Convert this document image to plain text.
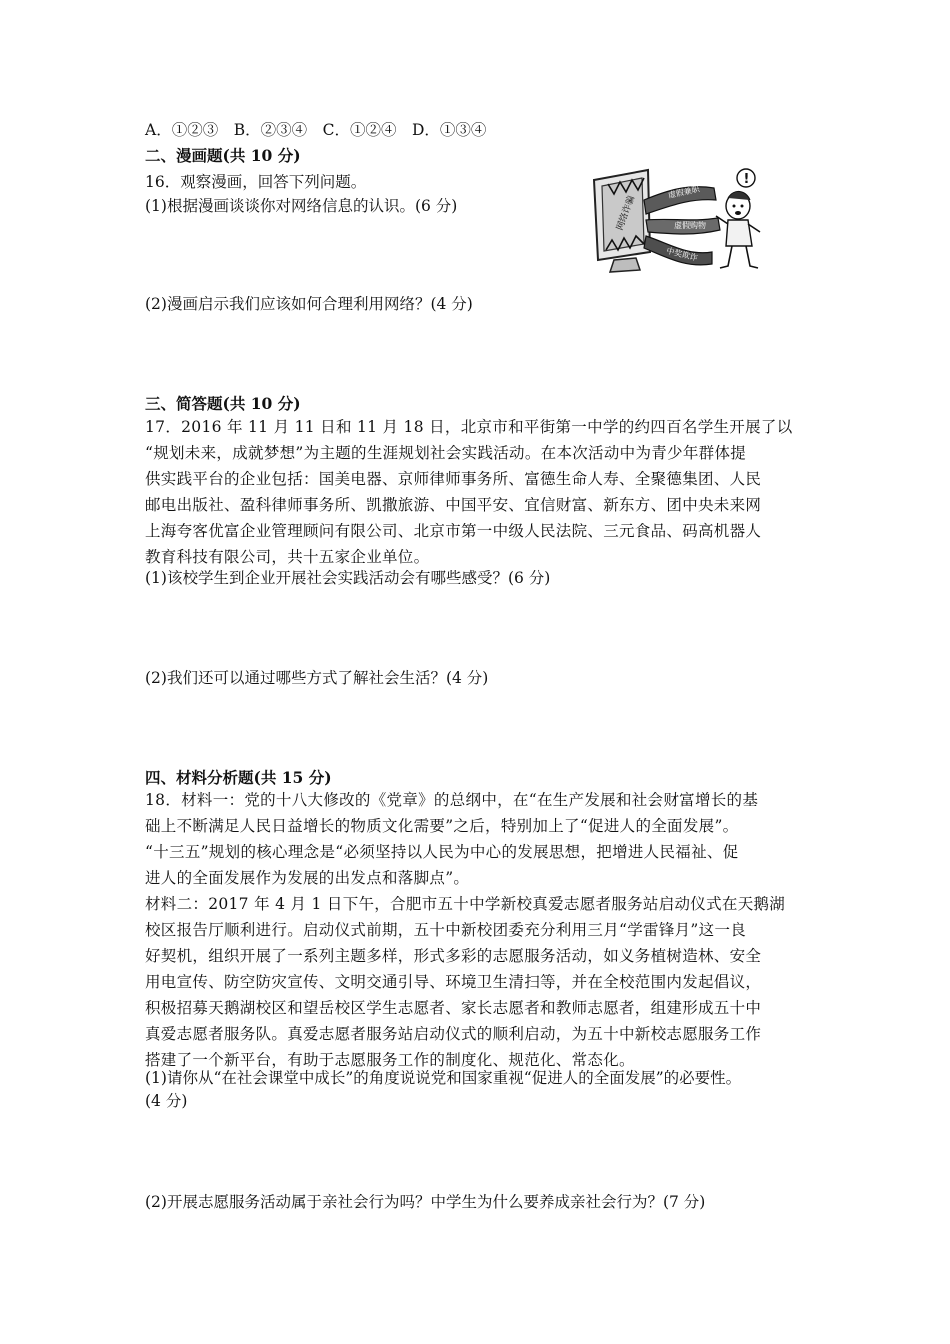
A．①②③　B．②③④　C．①②④　D．①③④
二、漫画题(共 10 分)
16．观察漫画，回答下列问题。
(1)根据漫画谈谈你对网络信息的认识。(6 分)	网络诈骗
虚假兼职
虚假购物
中奖欺诈
!
(2)漫画启示我们应该如何合理利用网络？(4 分)
三、简答题(共 10 分)

17．2016 年 11 月 11 日和 11 月 18 日，北京市和平街第一中学的约四百名学生开展了以

“规划未来，成就梦想”为主题的生涯规划社会实践活动。在本次活动中为青少年群体提

供实践平台的企业包括：国美电器、京师律师事务所、富德生命人寿、全聚德集团、人民

邮电出版社、盈科律师事务所、凯撒旅游、中国平安、宜信财富、新东方、团中央未来网

上海夸客优富企业管理顾问有限公司、北京市第一中级人民法院、三元食品、码高机器人

教育科技有限公司，共十五家企业单位。

(1)该校学生到企业开展社会实践活动会有哪些感受？(6 分)
(2)我们还可以通过哪些方式了解社会生活？(4 分)
四、材料分析题(共 15 分)

18．材料一：党的十八大修改的《党章》的总纲中，在“在生产发展和社会财富增长的基

础上不断满足人民日益增长的物质文化需要”之后，特别加上了“促进人的全面发展”。

“十三五”规划的核心理念是“必须坚持以人民为中心的发展思想，把增进人民福祉、促

进人的全面发展作为发展的出发点和落脚点”。

材料二：2017 年 4 月 1 日下午，合肥市五十中学新校真爱志愿者服务站启动仪式在天鹅湖

校区报告厅顺利进行。启动仪式前期，五十中新校团委充分利用三月“学雷锋月”这一良

好契机，组织开展了一系列主题多样，形式多彩的志愿服务活动，如义务植树造林、安全

用电宣传、防空防灾宣传、文明交通引导、环境卫生清扫等，并在全校范围内发起倡议，

积极招募天鹅湖校区和望岳校区学生志愿者、家长志愿者和教师志愿者，组建形成五十中

真爱志愿者服务队。真爱志愿者服务站启动仪式的顺利启动，为五十中新校志愿服务工作

搭建了一个新平台，有助于志愿服务工作的制度化、规范化、常态化。

(1)请你从“在社会课堂中成长”的角度说说党和国家重视“促进人的全面发展”的必要性。
(4 分)
(2)开展志愿服务活动属于亲社会行为吗？中学生为什么要养成亲社会行为？(7 分)
